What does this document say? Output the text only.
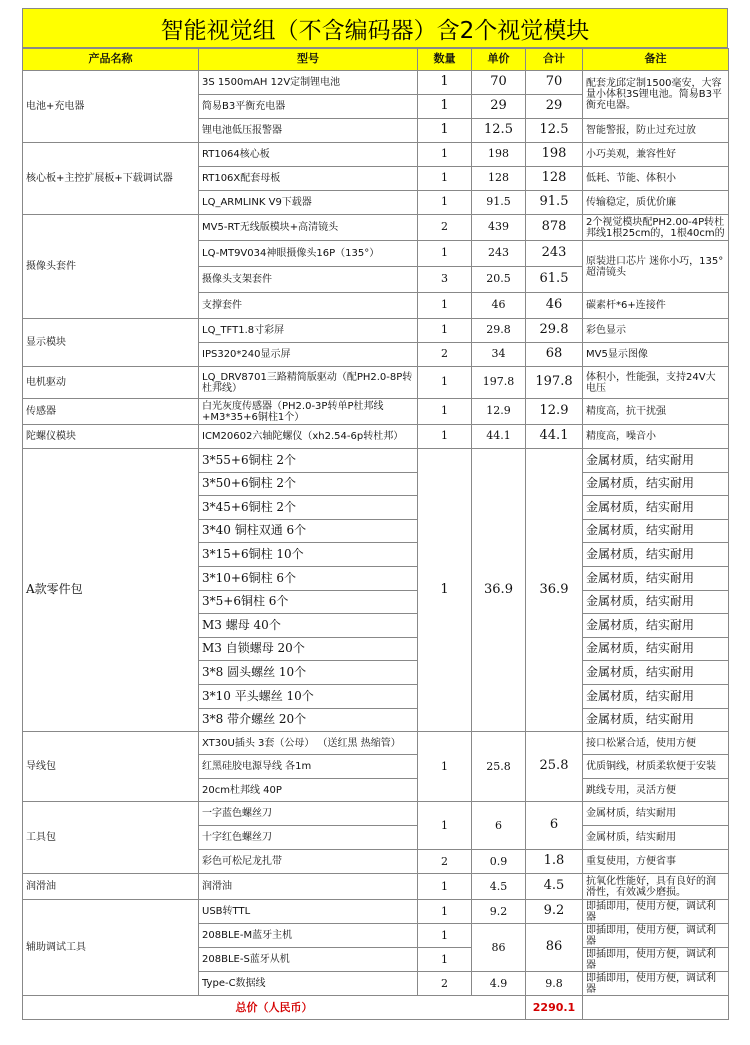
智能视觉组（不含编码器）含2个视觉模块
产品名称	型号	数量	单价	合计	备注
电池+充电器	3S 1500mAH 12V定制锂电池	1	70	70	配套龙邱定制1500毫安，大容量小体积3S锂电池。简易B3平衡充电器。
	简易B3平衡充电器	1	29	29	
	锂电池低压报警器	1	12.5	12.5	智能警报，防止过充过放
核心板+主控扩展板+下载调试器	RT1064核心板	1	198	198	小巧美观，兼容性好
	RT106X配套母板	1	128	128	低耗、节能、体积小
	LQ_ARMLINK V9下载器	1	91.5	91.5	传输稳定，质优价廉
摄像头套件	MV5-RT无线版模块+高清镜头	2	439	878	2个视觉模块配PH2.00-4P转杜邦线1根25cm的，1根40cm的
	LQ-MT9V034神眼摄像头16P（135°）	1	243	243	原装进口芯片 迷你小巧，135°超清镜头
	摄像头支架套件	3	20.5	61.5	
	支撑套件	1	46	46	碳素杆*6+连接件
显示模块	LQ_TFT1.8寸彩屏	1	29.8	29.8	彩色显示
	IPS320*240显示屏	2	34	68	MV5显示图像
电机驱动	LQ_DRV8701三路精简版驱动（配PH2.0-8P转杜邦线）	1	197.8	197.8	体积小，性能强，支持24V大电压
传感器	白光灰度传感器（PH2.0-3P转单P杜邦线+M3*35+6铜柱1个）	1	12.9	12.9	精度高，抗干扰强
陀螺仪模块	ICM20602六轴陀螺仪（xh2.54-6p转杜邦）	1	44.1	44.1	精度高，噪音小
A款零件包	3*55+6铜柱 2个	1	36.9	36.9	金属材质，结实耐用
	3*50+6铜柱 2个				金属材质，结实耐用
	3*45+6铜柱 2个				金属材质，结实耐用
	3*40 铜柱双通 6个				金属材质，结实耐用
	3*15+6铜柱 10个				金属材质，结实耐用
	3*10+6铜柱 6个				金属材质，结实耐用
	3*5+6铜柱 6个				金属材质，结实耐用
	M3 螺母 40个				金属材质，结实耐用
	M3 自锁螺母 20个				金属材质，结实耐用
	3*8 圆头螺丝 10个				金属材质，结实耐用
	3*10 平头螺丝 10个				金属材质，结实耐用
	3*8 带介螺丝 20个				金属材质，结实耐用
导线包	XT30U插头 3套（公母） （送红黑 热缩管）	1	25.8	25.8	接口松紧合适，使用方便
	红黑硅胶电源导线 各1m				优质铜线，材质柔软便于安装
	20cm杜邦线 40P				跳线专用，灵活方便
工具包	一字蓝色螺丝刀	1	6	6	金属材质，结实耐用
	十字红色螺丝刀				金属材质，结实耐用
	彩色可松尼龙扎带	2	0.9	1.8	重复使用，方便省事
润滑油	润滑油	1	4.5	4.5	抗氧化性能好，具有良好的润滑性，有效减少磨损。
辅助调试工具	USB转TTL	1	9.2	9.2	即插即用，使用方便，调试利器
	208BLE-M蓝牙主机	1	86	86	即插即用，使用方便，调试利器
	208BLE-S蓝牙从机	1			即插即用，使用方便，调试利器
	Type-C数据线	2	4.9	9.8	即插即用，使用方便，调试利器
总价（人民币）				2290.1	
